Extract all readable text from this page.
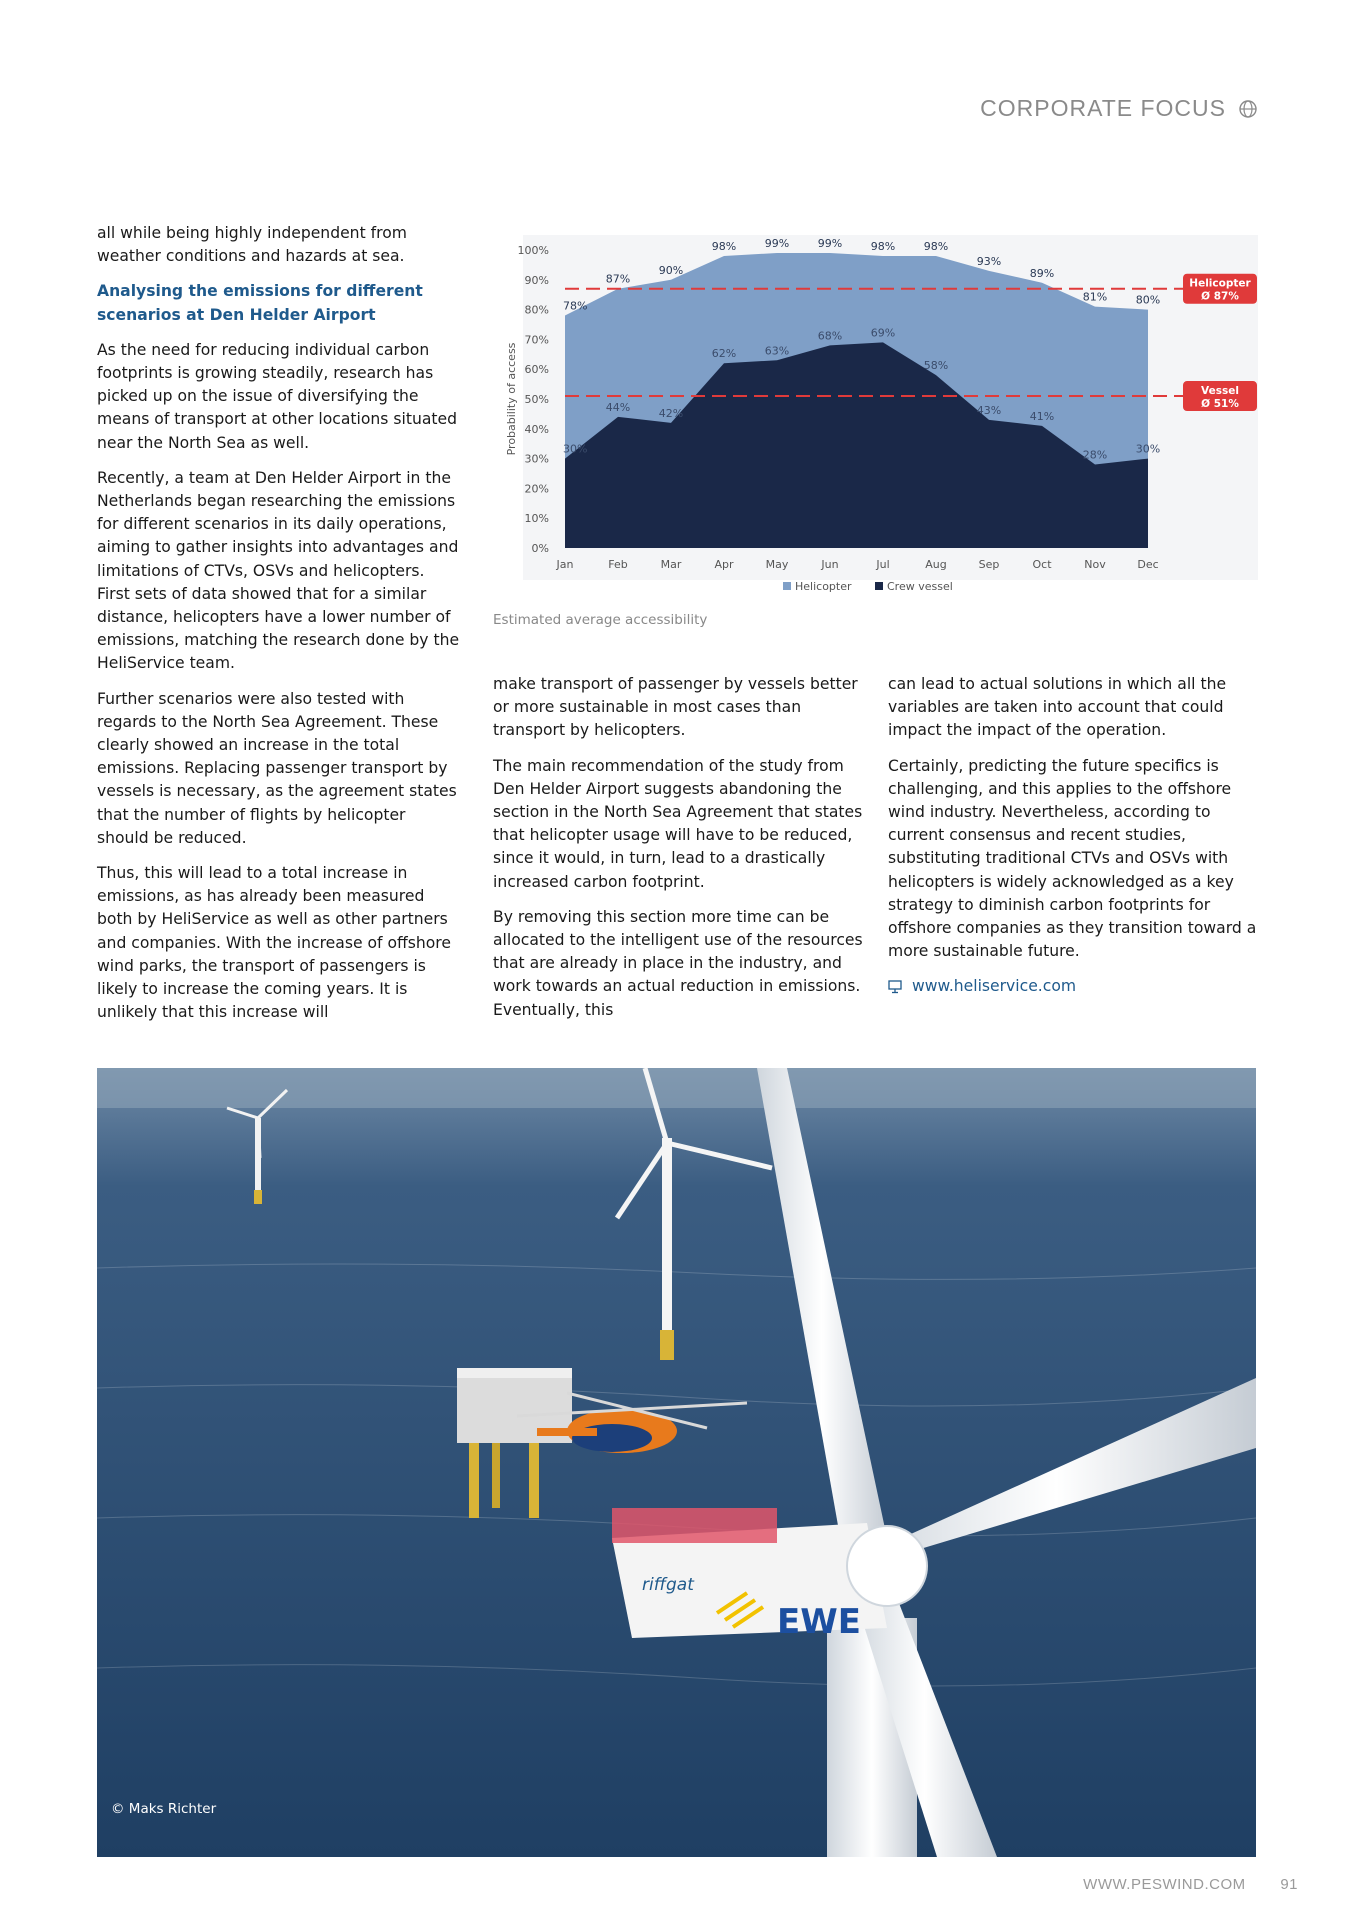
CORPORATE FOCUS

all while being highly independent from weather conditions and hazards at sea.

Analysing the emissions for different scenarios at Den Helder Airport

As the need for reducing individual carbon footprints is growing steadily, research has picked up on the issue of diversifying the means of transport at other locations situated near the North Sea as well.

Recently, a team at Den Helder Airport in the Netherlands began researching the emissions for different scenarios in its daily operations, aiming to gather insights into advantages and limitations of CTVs, OSVs and helicopters. First sets of data showed that for a similar distance, helicopters have a lower number of emissions, matching the research done by the HeliService team.

Further scenarios were also tested with regards to the North Sea Agreement. These clearly showed an increase in the total emissions. Replacing passenger transport by vessels is necessary, as the agreement states that the number of flights by helicopter should be reduced.

Thus, this will lead to a total increase in emissions, as has already been measured both by HeliService as well as other partners and companies. With the increase of offshore wind parks, the transport of passengers is likely to increase the coming years. It is unlikely that this increase will

0%
10%
20%
30%
40%
50%
60%
70%
80%
90%
100%
Probability of access
Jan	Feb	Mar	Apr	May	Jun	Jul	Aug	Sep	Oct	Nov	Dec
78%
87%
90%
98%	99%	99%	98%	98%
93%
89%
81%	80%
30%
44%	42%
62%	63%
68%	69%
58%
43%	41%
28%	30%
Helicopter
Ø 87%
Vessel
Ø 51%
Helicopter	Crew vessel
Estimated average accessibility

make transport of passenger by vessels better or more sustainable in most cases than transport by helicopters.

The main recommendation of the study from Den Helder Airport suggests abandoning the section in the North Sea Agreement that states that helicopter usage will have to be reduced, since it would, in turn, lead to a drastically increased carbon footprint.

By removing this section more time can be allocated to the intelligent use of the resources that are already in place in the industry, and work towards an actual reduction in emissions. Eventually, this

can lead to actual solutions in which all the variables are taken into account that could impact the impact of the operation.

Certainly, predicting the future specifics is challenging, and this applies to the offshore wind industry. Nevertheless, according to current consensus and recent studies, substituting traditional CTVs and OSVs with helicopters is widely acknowledged as a key strategy to diminish carbon footprints for offshore companies as they transition toward a more sustainable future.

www.heliservice.com
riffgat
EWE
© Maks Richter
WWW.PESWIND.COM 91
